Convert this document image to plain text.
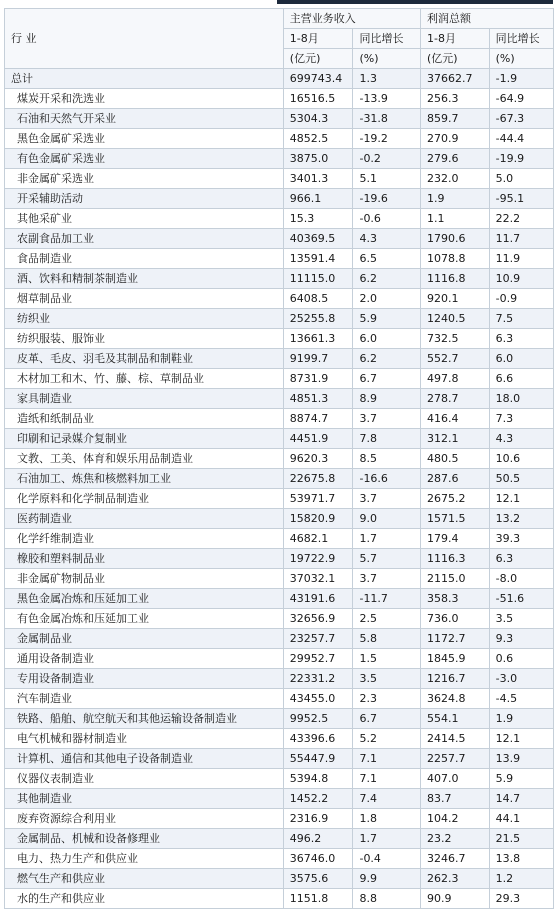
行 业	主营业务收入		利润总额	
	1-8月	同比增长	1-8月	同比增长
	(亿元)	(%)	(亿元)	(%)
总计	699743.4	1.3	37662.7	-1.9
煤炭开采和洗选业	16516.5	-13.9	256.3	-64.9
石油和天然气开采业	5304.3	-31.8	859.7	-67.3
黑色金属矿采选业	4852.5	-19.2	270.9	-44.4
有色金属矿采选业	3875.0	-0.2	279.6	-19.9
非金属矿采选业	3401.3	5.1	232.0	5.0
开采辅助活动	966.1	-19.6	1.9	-95.1
其他采矿业	15.3	-0.6	1.1	22.2
农副食品加工业	40369.5	4.3	1790.6	11.7
食品制造业	13591.4	6.5	1078.8	11.9
酒、饮料和精制茶制造业	11115.0	6.2	1116.8	10.9
烟草制品业	6408.5	2.0	920.1	-0.9
纺织业	25255.8	5.9	1240.5	7.5
纺织服装、服饰业	13661.3	6.0	732.5	6.3
皮革、毛皮、羽毛及其制品和制鞋业	9199.7	6.2	552.7	6.0
木材加工和木、竹、藤、棕、草制品业	8731.9	6.7	497.8	6.6
家具制造业	4851.3	8.9	278.7	18.0
造纸和纸制品业	8874.7	3.7	416.4	7.3
印刷和记录媒介复制业	4451.9	7.8	312.1	4.3
文教、工美、体育和娱乐用品制造业	9620.3	8.5	480.5	10.6
石油加工、炼焦和核燃料加工业	22675.8	-16.6	287.6	50.5
化学原料和化学制品制造业	53971.7	3.7	2675.2	12.1
医药制造业	15820.9	9.0	1571.5	13.2
化学纤维制造业	4682.1	1.7	179.4	39.3
橡胶和塑料制品业	19722.9	5.7	1116.3	6.3
非金属矿物制品业	37032.1	3.7	2115.0	-8.0
黑色金属冶炼和压延加工业	43191.6	-11.7	358.3	-51.6
有色金属冶炼和压延加工业	32656.9	2.5	736.0	3.5
金属制品业	23257.7	5.8	1172.7	9.3
通用设备制造业	29952.7	1.5	1845.9	0.6
专用设备制造业	22331.2	3.5	1216.7	-3.0
汽车制造业	43455.0	2.3	3624.8	-4.5
铁路、船舶、航空航天和其他运输设备制造业	9952.5	6.7	554.1	1.9
电气机械和器材制造业	43396.6	5.2	2414.5	12.1
计算机、通信和其他电子设备制造业	55447.9	7.1	2257.7	13.9
仪器仪表制造业	5394.8	7.1	407.0	5.9
其他制造业	1452.2	7.4	83.7	14.7
废弃资源综合利用业	2316.9	1.8	104.2	44.1
金属制品、机械和设备修理业	496.2	1.7	23.2	21.5
电力、热力生产和供应业	36746.0	-0.4	3246.7	13.8
燃气生产和供应业	3575.6	9.9	262.3	1.2
水的生产和供应业	1151.8	8.8	90.9	29.3
